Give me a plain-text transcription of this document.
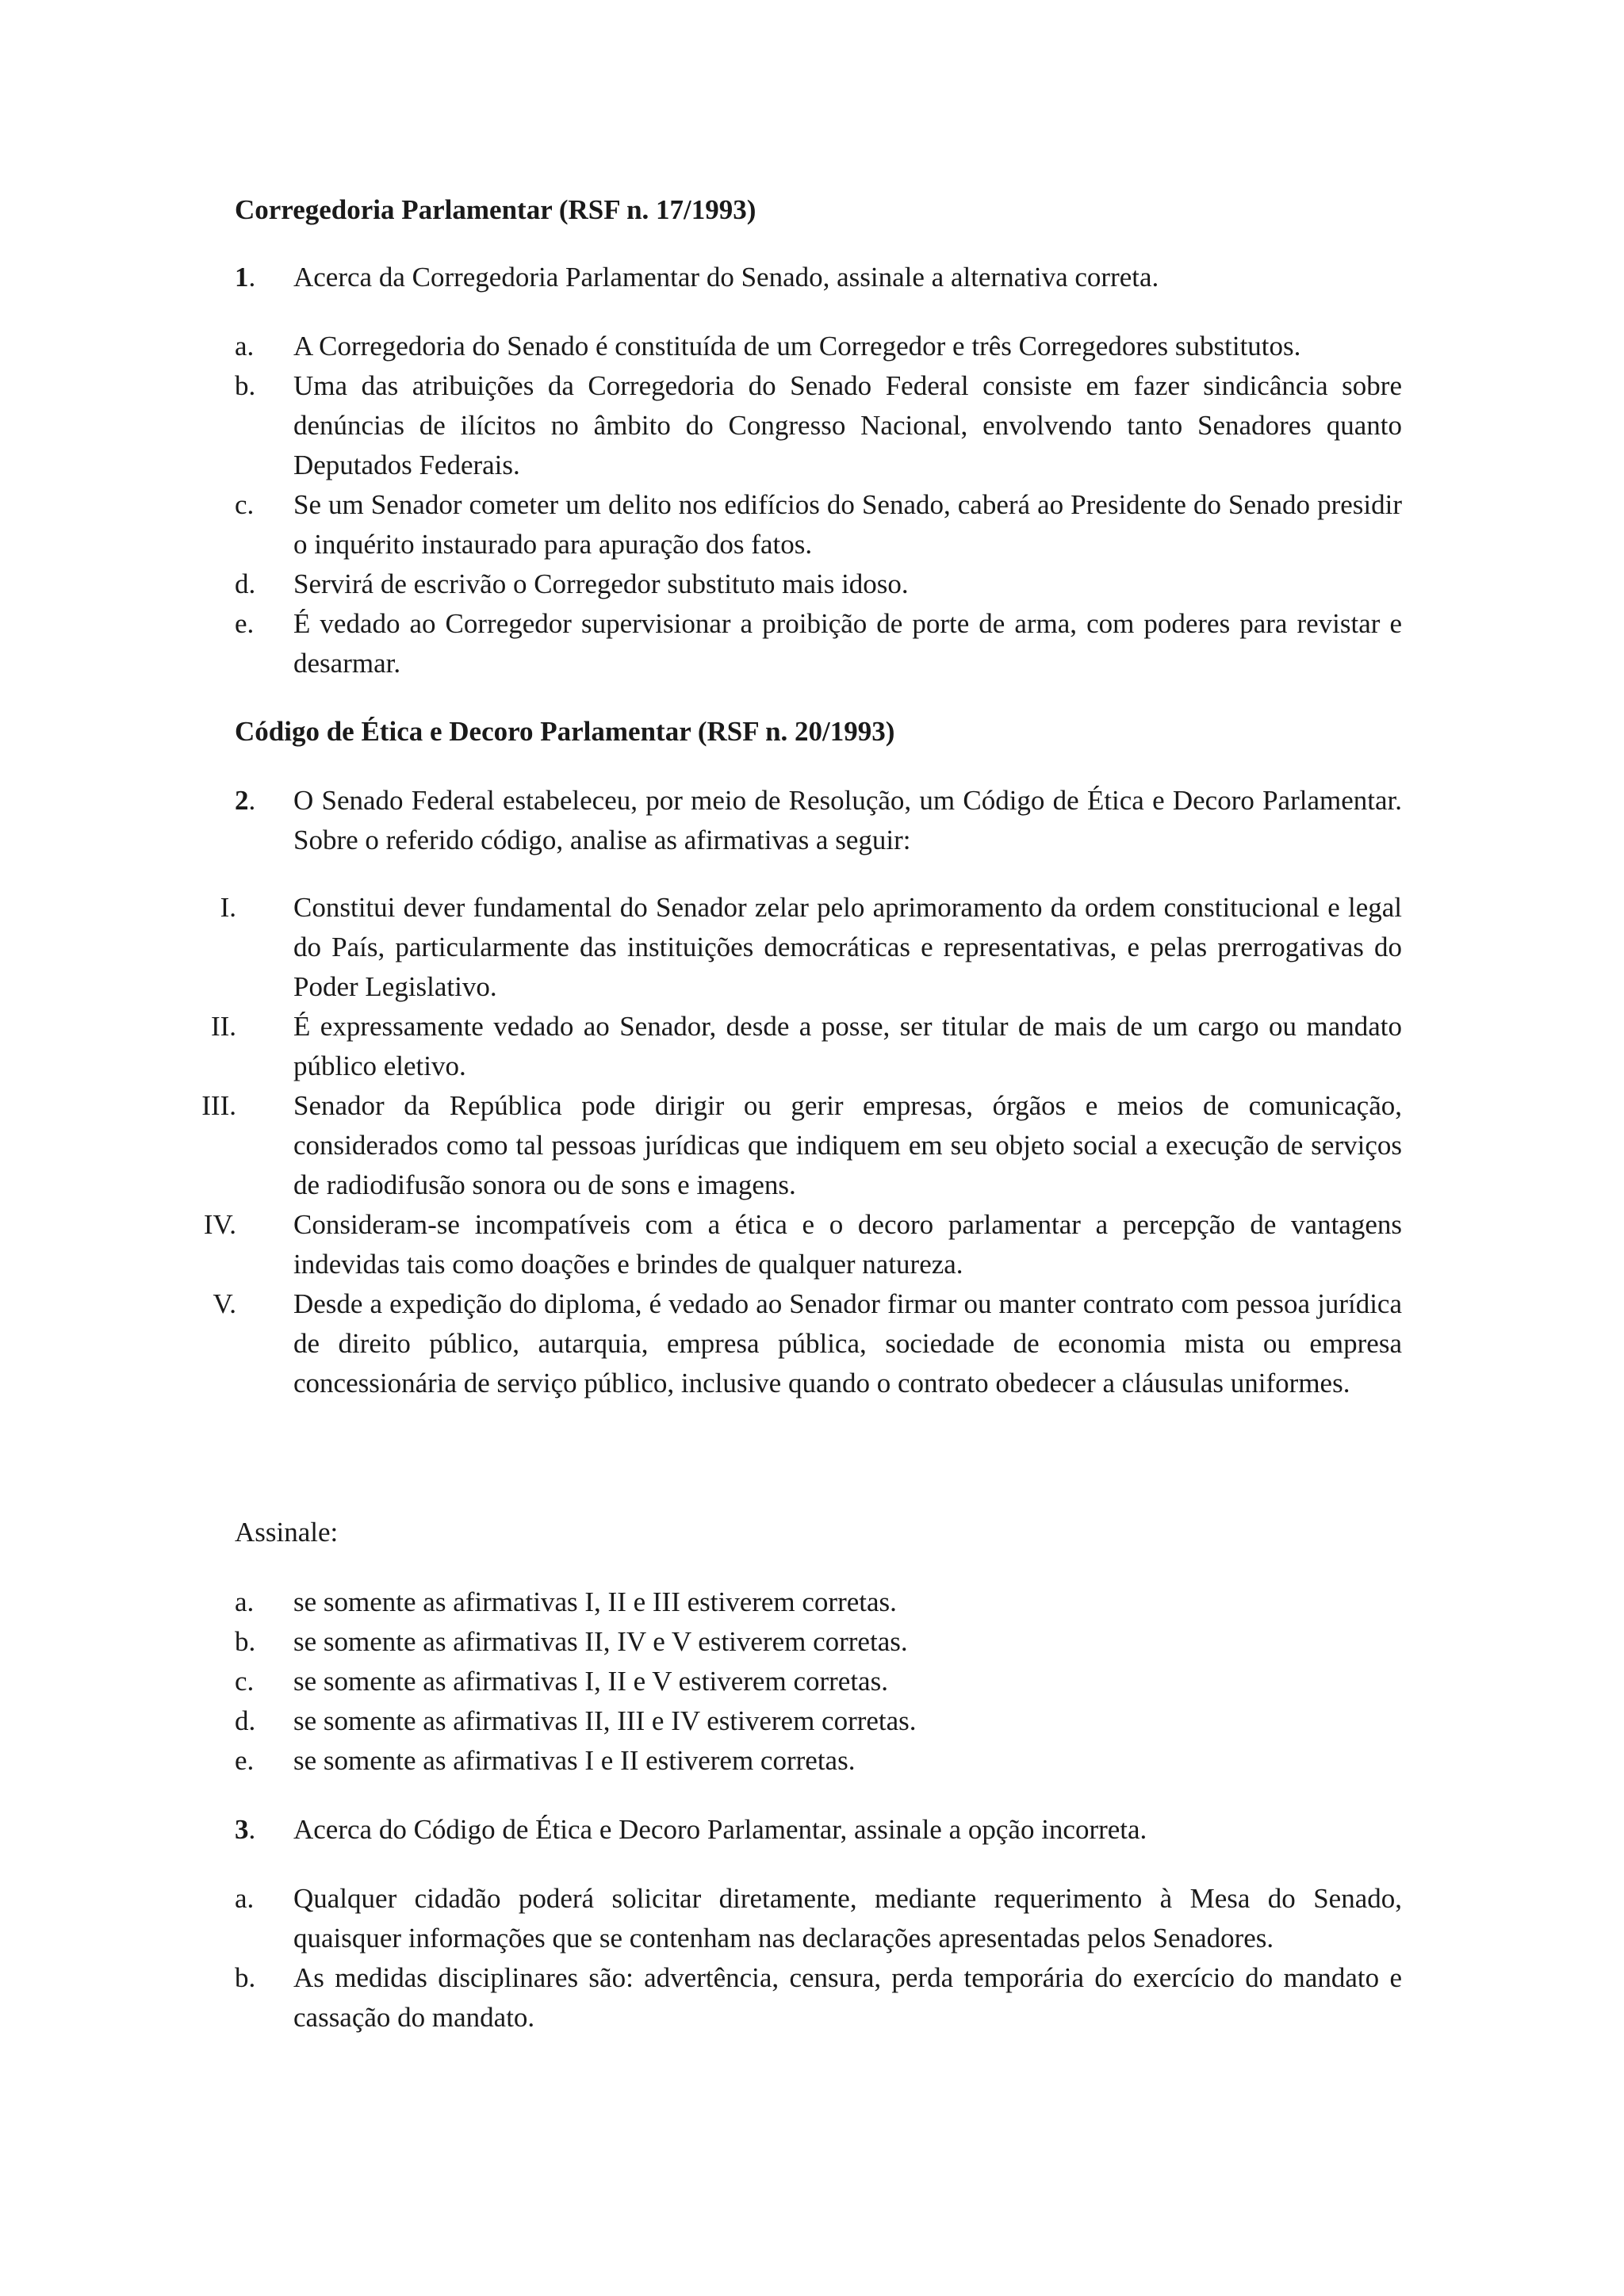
Corregedoria Parlamentar (RSF n. 17/1993)
1. Acerca da Corregedoria Parlamentar do Senado, assinale a alternativa correta.
a. A Corregedoria do Senado é constituída de um Corregedor e três Corregedores substitutos.
b. Uma das atribuições da Corregedoria do Senado Federal consiste em fazer sindicância sobre denúncias de ilícitos no âmbito do Congresso Nacional, envolvendo tanto Senadores quanto Deputados Federais.
c. Se um Senador cometer um delito nos edifícios do Senado, caberá ao Presidente do Senado presidir o inquérito instaurado para apuração dos fatos.
d. Servirá de escrivão o Corregedor substituto mais idoso.
e. É vedado ao Corregedor supervisionar a proibição de porte de arma, com poderes para revistar e desarmar.
Código de Ética e Decoro Parlamentar (RSF n. 20/1993)
2. O Senado Federal estabeleceu, por meio de Resolução, um Código de Ética e Decoro Parlamentar. Sobre o referido código, analise as afirmativas a seguir:
I. Constitui dever fundamental do Senador zelar pelo aprimoramento da ordem constitucional e legal do País, particularmente das instituições democráticas e representativas, e pelas prerrogativas do Poder Legislativo.
II. É expressamente vedado ao Senador, desde a posse, ser titular de mais de um cargo ou mandato público eletivo.
III. Senador da República pode dirigir ou gerir empresas, órgãos e meios de comunicação, considerados como tal pessoas jurídicas que indiquem em seu objeto social a execução de serviços de radiodifusão sonora ou de sons e imagens.
IV. Consideram-se incompatíveis com a ética e o decoro parlamentar a percepção de vantagens indevidas tais como doações e brindes de qualquer natureza.
V. Desde a expedição do diploma, é vedado ao Senador firmar ou manter contrato com pessoa jurídica de direito público, autarquia, empresa pública, sociedade de economia mista ou empresa concessionária de serviço público, inclusive quando o contrato obedecer a cláusulas uniformes.
Assinale:
a. se somente as afirmativas I, II e III estiverem corretas.
b. se somente as afirmativas II, IV e V estiverem corretas.
c. se somente as afirmativas I, II e V estiverem corretas.
d. se somente as afirmativas II, III e IV estiverem corretas.
e. se somente as afirmativas I e II estiverem corretas.
3. Acerca do Código de Ética e Decoro Parlamentar, assinale a opção incorreta.
a. Qualquer cidadão poderá solicitar diretamente, mediante requerimento à Mesa do Senado, quaisquer informações que se contenham nas declarações apresentadas pelos Senadores.
b. As medidas disciplinares são: advertência, censura, perda temporária do exercício do mandato e cassação do mandato.
